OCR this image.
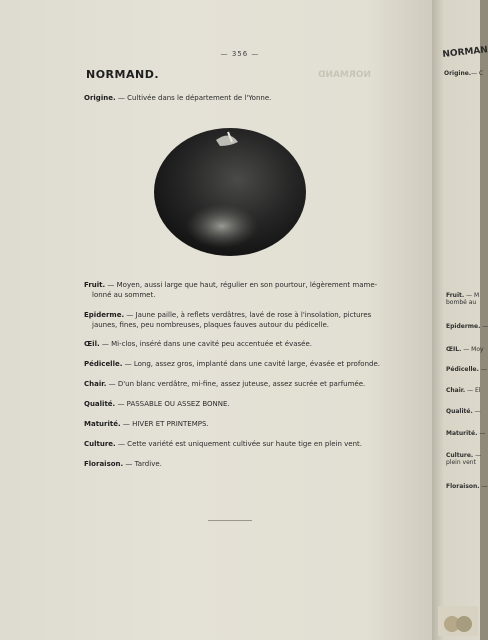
NORMAND
— 356 —
NORMAND.
Origine. — Cultivée dans le département de l'Yonne.
Fruit. — Moyen, aussi large que haut, régulier en son pourtour, légèrement mame-
lonné au sommet.
Epiderme. — Jaune paille, à reflets verdâtres, lavé de rose à l'insolation, pictures
jaunes, fines, peu nombreuses, plaques fauves autour du pédicelle.
Œil. — Mi-clos, inséré dans une cavité peu accentuée et évasée.
Pédicelle. — Long, assez gros, implanté dans une cavité large, évasée et profonde.
Chair. — D'un blanc verdâtre, mi-fine, assez juteuse, assez sucrée et parfumée.
Qualité. — PASSABLE OU ASSEZ BONNE.
Maturité. — HIVER ET PRINTEMPS.
Culture. — Cette variété est uniquement cultivée sur haute tige en plein vent.
Floraison. — Tardive.
NORMAN
Origine.— C
Fruit. — M
bombé au
Epiderme. —
ŒIL. — Moy
Pédicelle. —
Chair. — El
Qualité. —
Maturité. —
Culture. —
plein vent
Floraison. —
